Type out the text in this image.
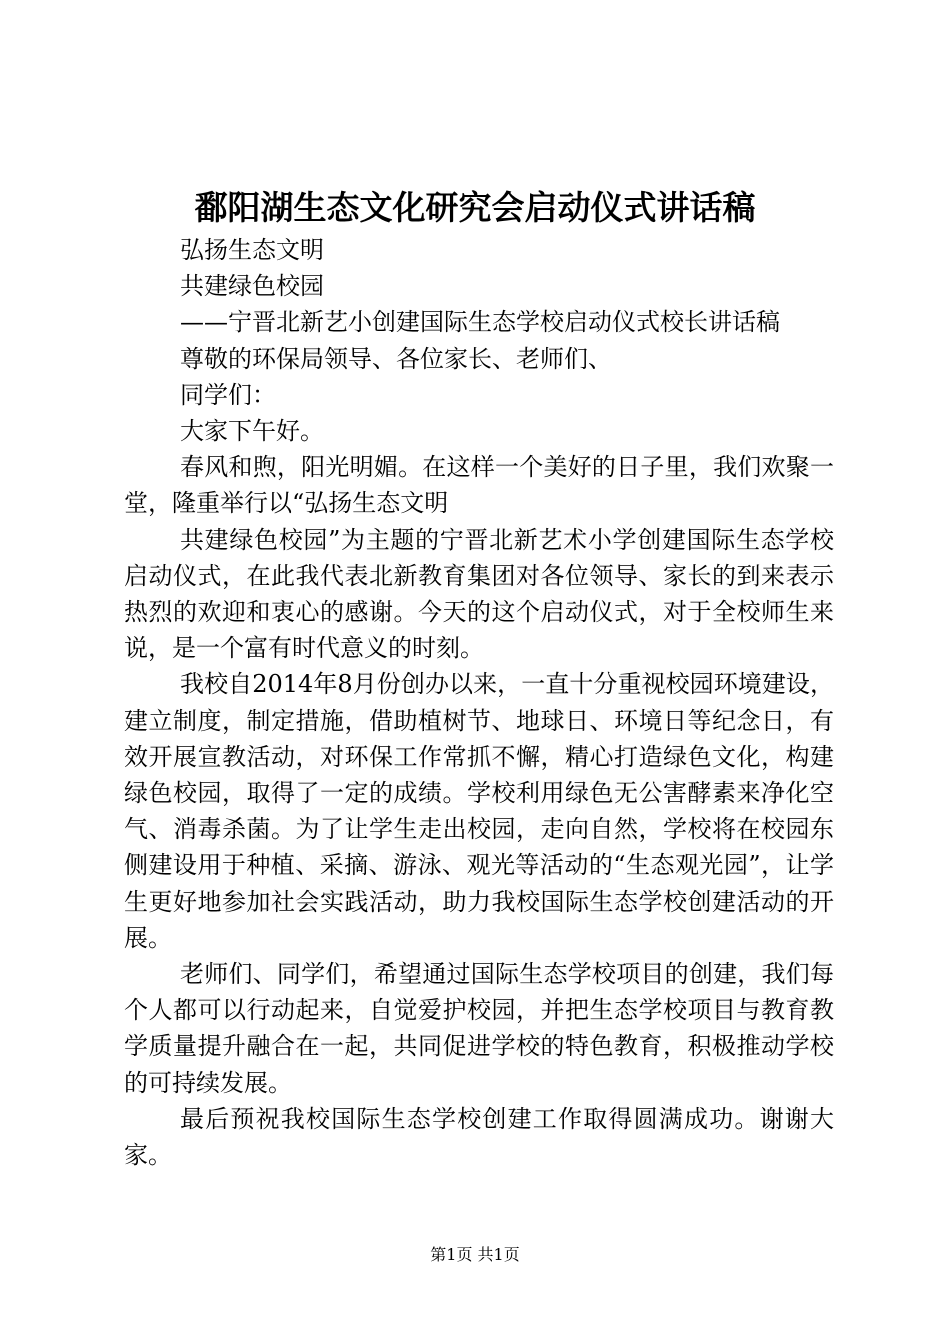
鄱阳湖生态文化研究会启动仪式讲话稿

弘扬生态文明

共建绿色校园

——宁晋北新艺小创建国际生态学校启动仪式校长讲话稿

尊敬的环保局领导、各位家长、老师们、

同学们：

大家下午好。

春风和煦，阳光明媚。在这样一个美好的日子里，我们欢聚一堂，隆重举行以“弘扬生态文明

共建绿色校园”为主题的宁晋北新艺术小学创建国际生态学校启动仪式，在此我代表北新教育集团对各位领导、家长的到来表示热烈的欢迎和衷心的感谢。今天的这个启动仪式，对于全校师生来说，是一个富有时代意义的时刻。

我校自2014年8月份创办以来，一直十分重视校园环境建设，建立制度，制定措施，借助植树节、地球日、环境日等纪念日，有效开展宣教活动，对环保工作常抓不懈，精心打造绿色文化，构建绿色校园，取得了一定的成绩。学校利用绿色无公害酵素来净化空气、消毒杀菌。为了让学生走出校园，走向自然，学校将在校园东侧建设用于种植、采摘、游泳、观光等活动的“生态观光园”，让学生更好地参加社会实践活动，助力我校国际生态学校创建活动的开展。

老师们、同学们，希望通过国际生态学校项目的创建，我们每个人都可以行动起来，自觉爱护校园，并把生态学校项目与教育教学质量提升融合在一起，共同促进学校的特色教育，积极推动学校的可持续发展。

最后预祝我校国际生态学校创建工作取得圆满成功。谢谢大家。

第1页 共1页
